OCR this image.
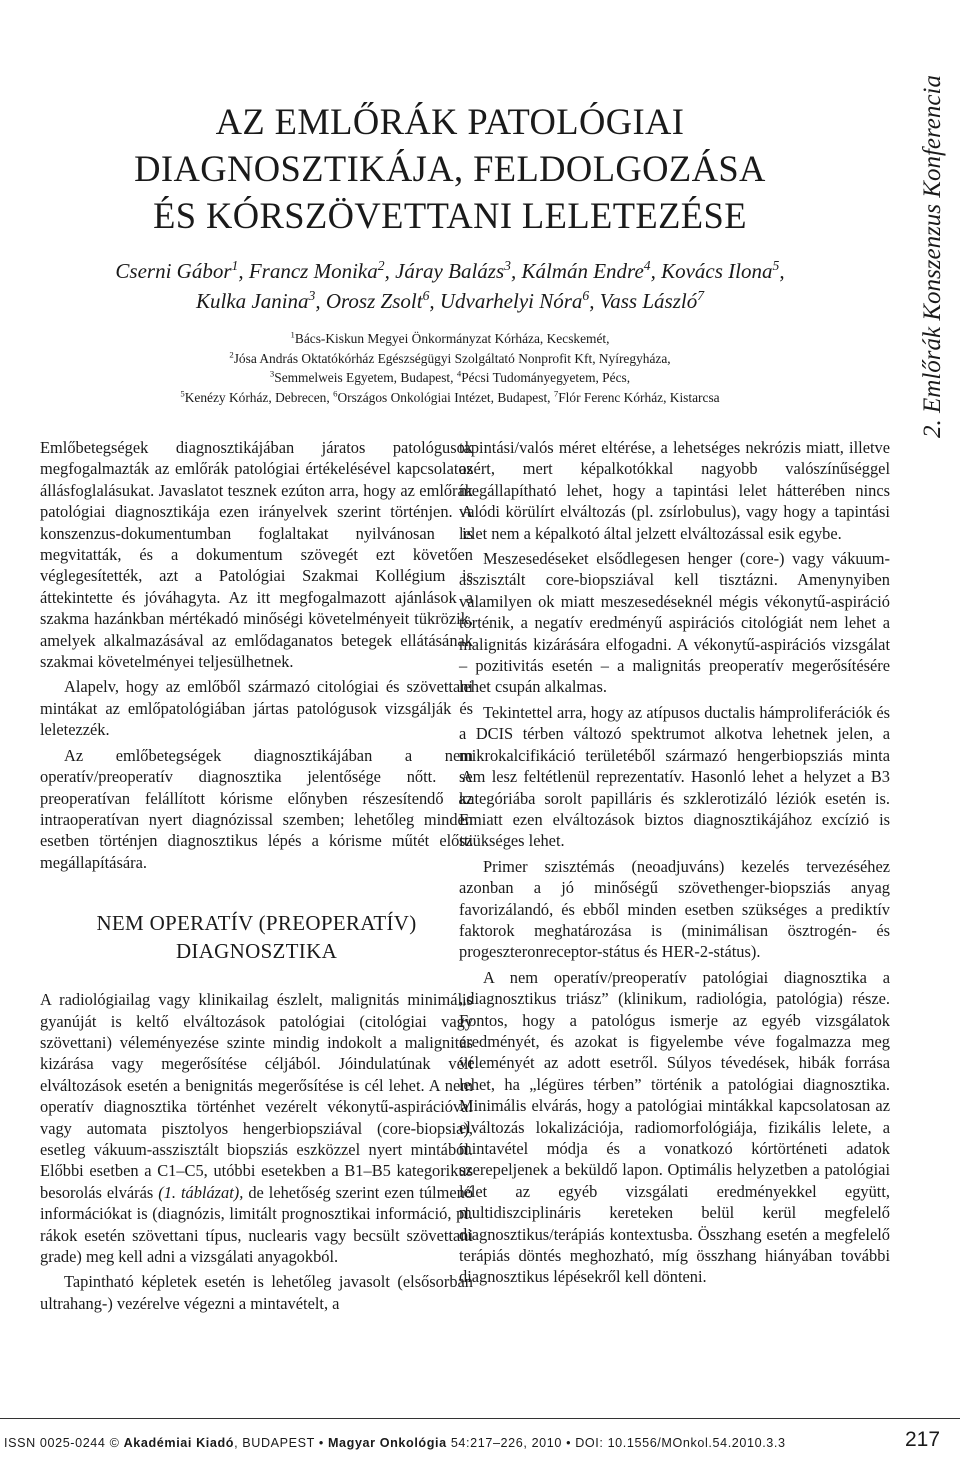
AZ EMLŐRÁK PATOLÓGIAI
DIAGNOSZTIKÁJA, FELDOLGOZÁSA
ÉS KÓRSZÖVETTANI LELETEZÉSE
Cserni Gábor$^1$, Francz Monika$^2$, Járay Balázs$^3$, Kálmán Endre$^4$, Kovács Ilona$^5$,
Kulka Janina$^3$, Orosz Zsolt$^6$, Udvarhelyi Nóra$^6$, Vass László$^7$
$^1$Bács-Kiskun Megyei Önkormányzat Kórháza, Kecskemét,
$^2$Jósa András Oktatókórház Egészségügyi Szolgáltató Nonprofit Kft, Nyíregyháza,
$^3$Semmelweis Egyetem, Budapest, $^4$Pécsi Tudományegyetem, Pécs,
$^5$Kenézy Kórház, Debrecen, $^6$Országos Onkológiai Intézet, Budapest, $^7$Flór Ferenc Kórház, Kistarcsa	2. Emlőrák Konszenzus Konferencia

Emlőbetegségek diagnosztikájában járatos patológusok megfogalmazták az emlőrák patológiai értékelésével kapcsolatos állásfoglalásukat. Javaslatot tesznek ezúton arra, hogy az emlőrák patológiai diagnosztikája ezen irányelvek szerint történjen. A konszenzus-dokumentumban foglaltakat nyilvánosan is megvitatták, és a dokumentum szövegét ezt követően véglegesítették, azt a Patológiai Szakmai Kollégium is áttekintette és jóváhagyta. Az itt megfogalmazott ajánlások a szakma hazánkban mértékadó minőségi követelményeit tükrözik, amelyek alkalmazásával az emlődaganatos betegek ellátásának szakmai követelményei teljesülhetnek.

Alapelv, hogy az emlőből származó citológiai és szövettani mintákat az emlőpatológiában jártas patológusok vizsgálják és leletezzék.

Az emlőbetegségek diagnosztikájában a nem operatív/preoperatív diagnosztika jelentősége nőtt. A preoperatívan felállított kórisme előnyben részesítendő az intraoperatívan nyert diagnózissal szemben; lehetőleg minden esetben történjen diagnosztikus lépés a kórisme műtét előtti megállapítására.

NEM OPERATÍV (PREOPERATÍV)
DIAGNOSZTIKA

A radiológiailag vagy klinikailag észlelt, malignitás minimális gyanúját is keltő elváltozások patológiai (citológiai vagy szövettani) véleményezése szinte mindig indokolt a malignitás kizárása vagy megerősítése céljából. Jóindulatúnak vélt elváltozások esetén a benignitás megerősítése is cél lehet. A nem operatív diagnosztika történhet vezérelt vékonytű-aspirációval vagy automata pisztolyos hengerbiopsziával (core-biopsia), esetleg vákuum-asszisztált biopsziás eszközzel nyert mintából. Előbbi esetben a C1–C5, utóbbi esetekben a B1–B5 kategorikus besorolás elvárás (1. táblázat), de lehetőség szerint ezen túlmenő információkat is (diagnózis, limitált prognosztikai információ, pl. rákok esetén szövettani típus, nuclearis vagy becsült szövettani grade) meg kell adni a vizsgálati anyagokból.

Tapintható képletek esetén is lehetőleg javasolt (elsősorban ultrahang-) vezérelve végezni a mintavételt, a

tapintási/valós méret eltérése, a lehetséges nekrózis miatt, illetve azért, mert képalkotókkal nagyobb valószínűséggel megállapítható lehet, hogy a tapintási lelet hátterében nincs valódi körülírt elváltozás (pl. zsírlobulus), vagy hogy a tapintási lelet nem a képalkotó által jelzett elváltozással esik egybe.

Meszesedéseket elsődlegesen henger (core-) vagy vákuum-asszisztált core-biopsziával kell tisztázni. Amenynyiben valamilyen ok miatt meszesedéseknél mégis vékonytű-aspiráció történik, a negatív eredményű aspirációs citológiát nem lehet a malignitás kizárására elfogadni. A vékonytű-aspirációs vizsgálat – pozitivitás esetén – a malignitás preoperatív megerősítésére lehet csupán alkalmas.

Tekintettel arra, hogy az atípusos ductalis hámproliferációk és a DCIS térben változó spektrumot alkotva lehetnek jelen, a mikrokalcifikáció területéből származó hengerbiopsziás minta sem lesz feltétlenül reprezentatív. Hasonló lehet a helyzet a B3 kategóriába sorolt papilláris és szklerotizáló léziók esetén is. Emiatt ezen elváltozások biztos diagnosztikájához excízió is szükséges lehet.

Primer szisztémás (neoadjuváns) kezelés tervezéséhez azonban a jó minőségű szövethenger-biopsziás anyag favorizálandó, és ebből minden esetben szükséges a prediktív faktorok meghatározása is (minimálisan ösztrogén- és progeszteronreceptor-státus és HER-2-státus).

A nem operatív/preoperatív patológiai diagnosztika a „diagnosztikus triász” (klinikum, radiológia, patológia) része. Fontos, hogy a patológus ismerje az egyéb vizsgálatok eredményét, és azokat is figyelembe véve fogalmazza meg véleményét az adott esetről. Súlyos tévedések, hibák forrása lehet, ha „légüres térben” történik a patológiai diagnosztika. Minimális elvárás, hogy a patológiai mintákkal kapcsolatosan az elváltozás lokalizációja, radiomorfológiája, fizikális lelete, a mintavétel módja és a vonatkozó kórtörténeti adatok szerepeljenek a beküldő lapon. Optimális helyzetben a patológiai lelet az egyéb vizsgálati eredményekkel együtt, multidiszciplináris kereteken belül kerül megfelelő diagnosztikus/terápiás kontextusba. Összhang esetén a megfelelő terápiás döntés meghozható, míg összhang hiányában további diagnosztikus lépésekről kell dönteni.

ISSN 0025-0244 © Akadémiai Kiadó, BUDAPEST • Magyar Onkológia 54:217–226, 2010 • DOI: 10.1556/MOnkol.54.2010.3.3	217
